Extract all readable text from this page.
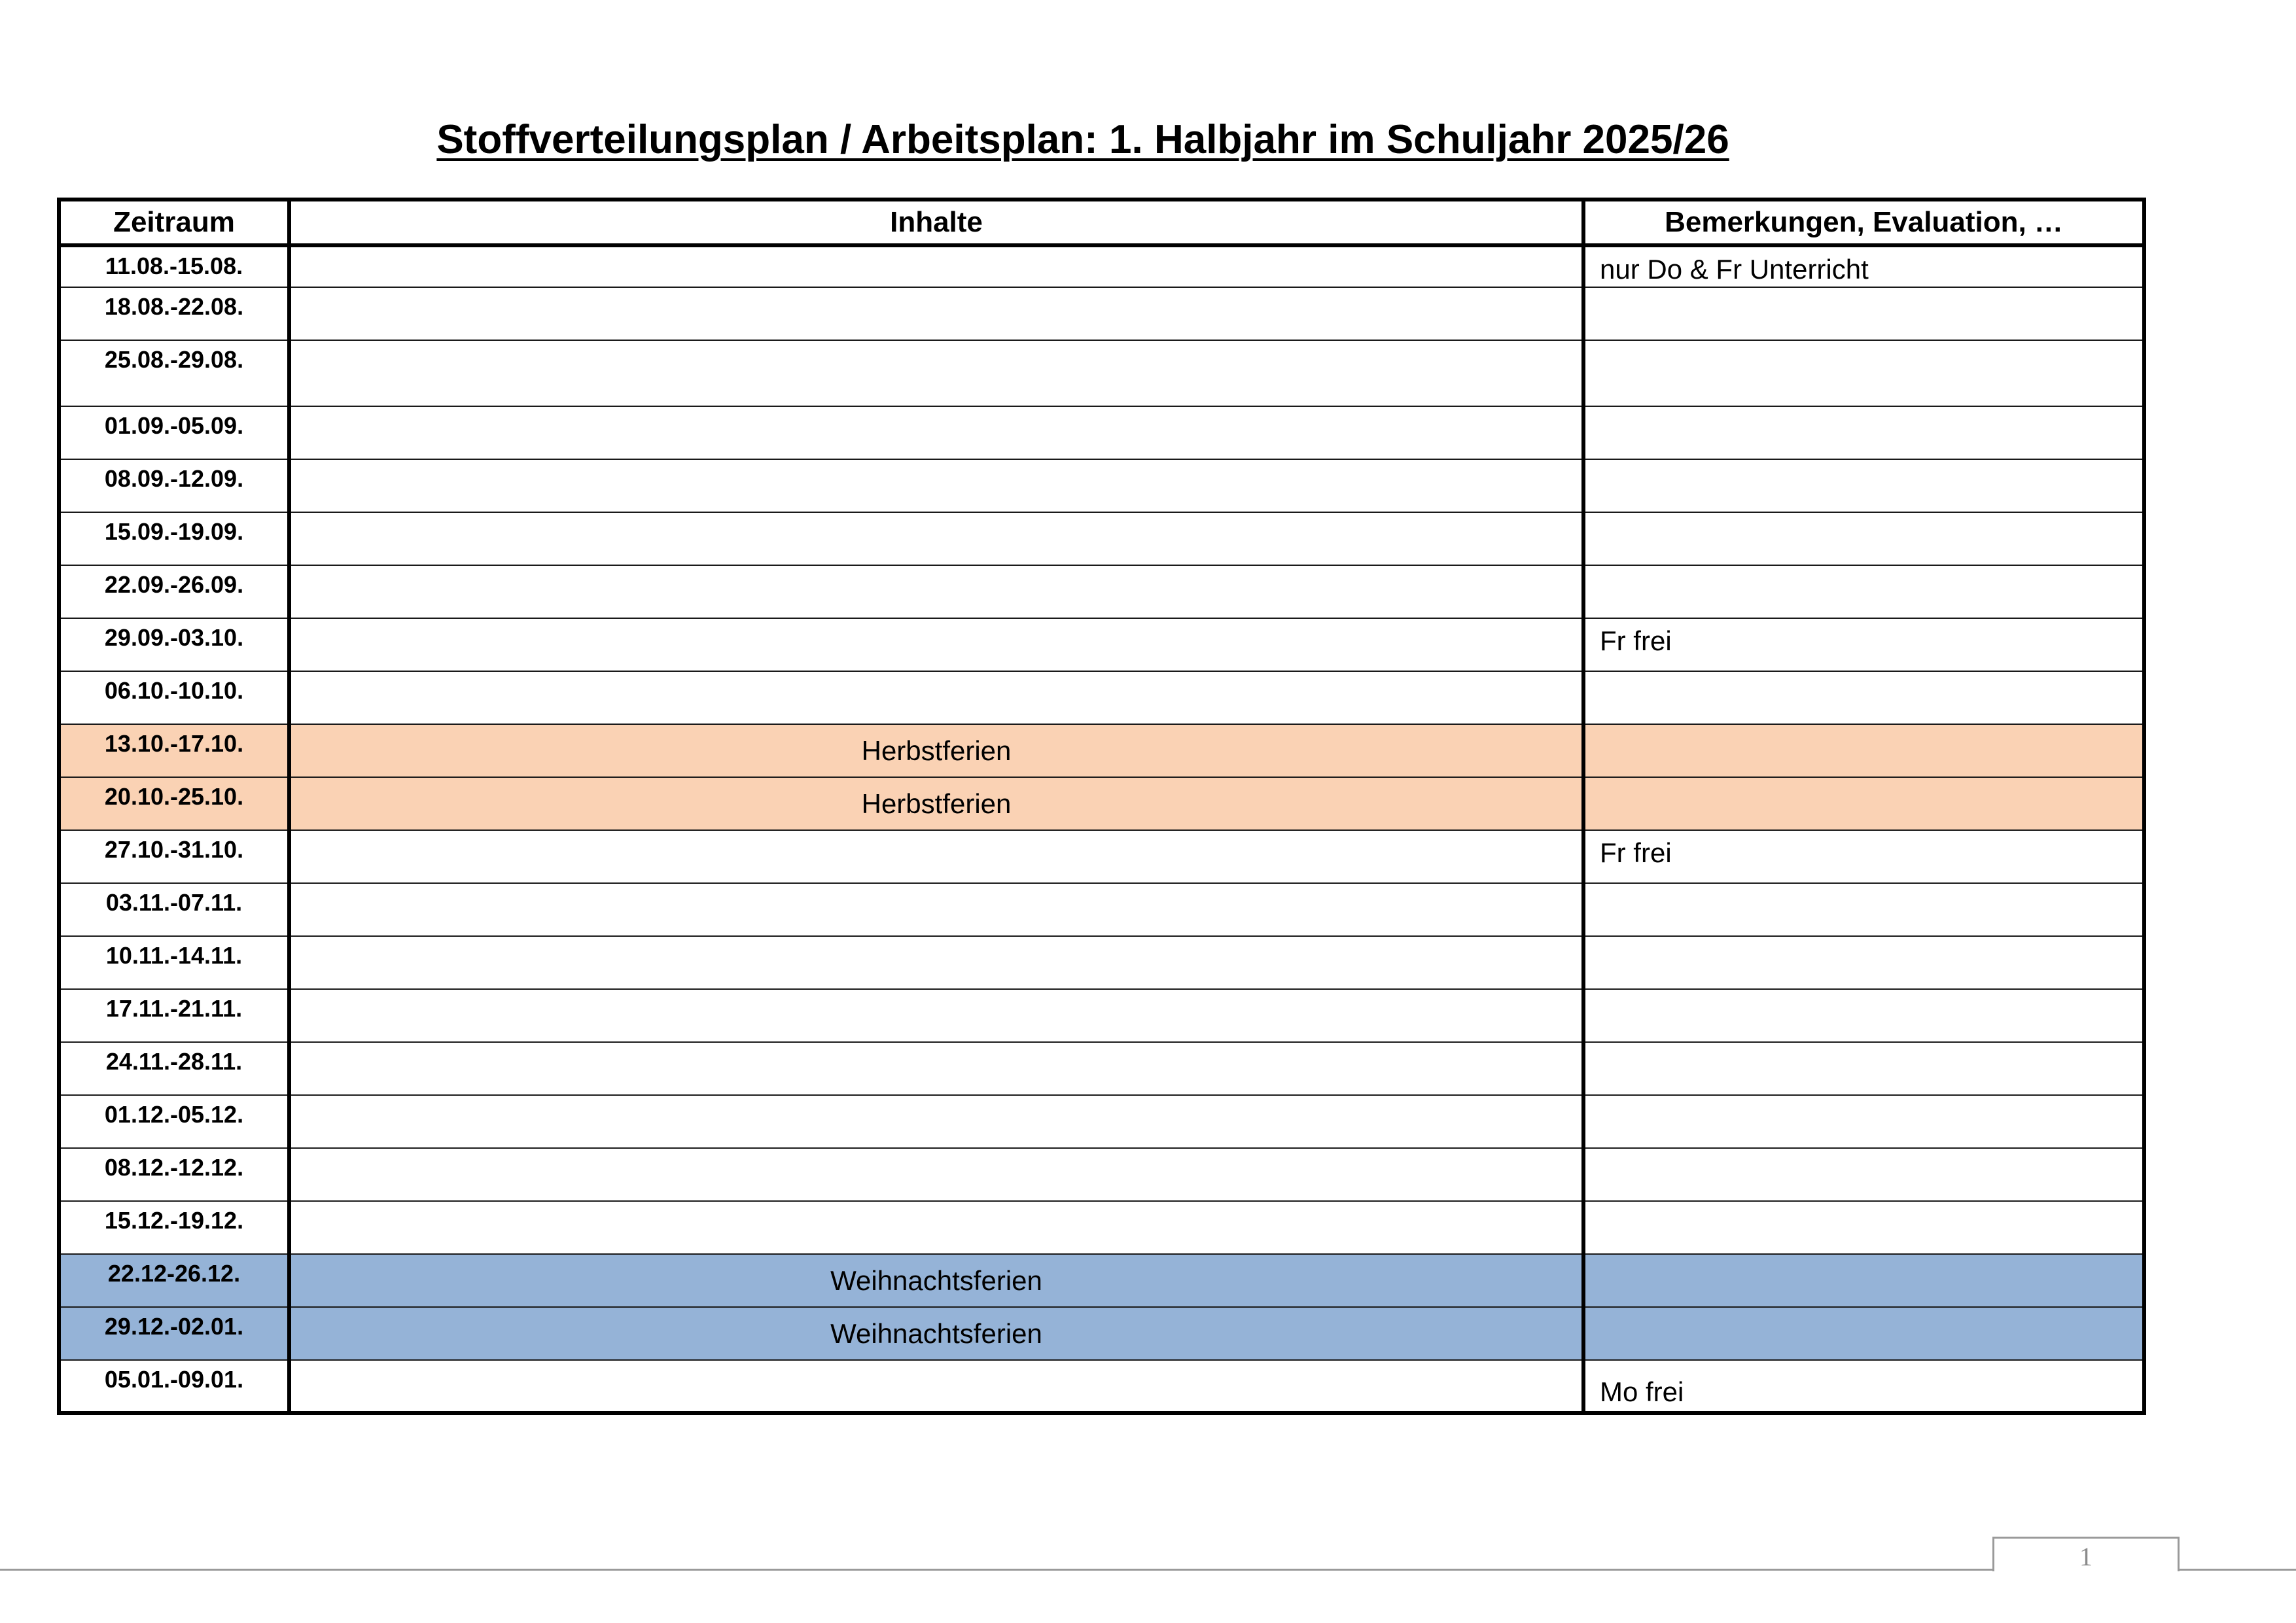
Stoffverteilungsplan / Arbeitsplan: 1. Halbjahr im Schuljahr 2025/26
Zeitraum	Inhalte	Bemerkungen, Evaluation, …
11.08.-15.08.		nur Do & Fr Unterricht
18.08.-22.08.		
25.08.-29.08.		
01.09.-05.09.		
08.09.-12.09.		
15.09.-19.09.		
22.09.-26.09.		
29.09.-03.10.		Fr frei
06.10.-10.10.		
13.10.-17.10.	Herbstferien	
20.10.-25.10.	Herbstferien	
27.10.-31.10.		Fr frei
03.11.-07.11.		
10.11.-14.11.		
17.11.-21.11.		
24.11.-28.11.		
01.12.-05.12.		
08.12.-12.12.		
15.12.-19.12.		
22.12-26.12.	Weihnachtsferien	
29.12.-02.01.	Weihnachtsferien	
05.01.-09.01.		Mo frei
1
